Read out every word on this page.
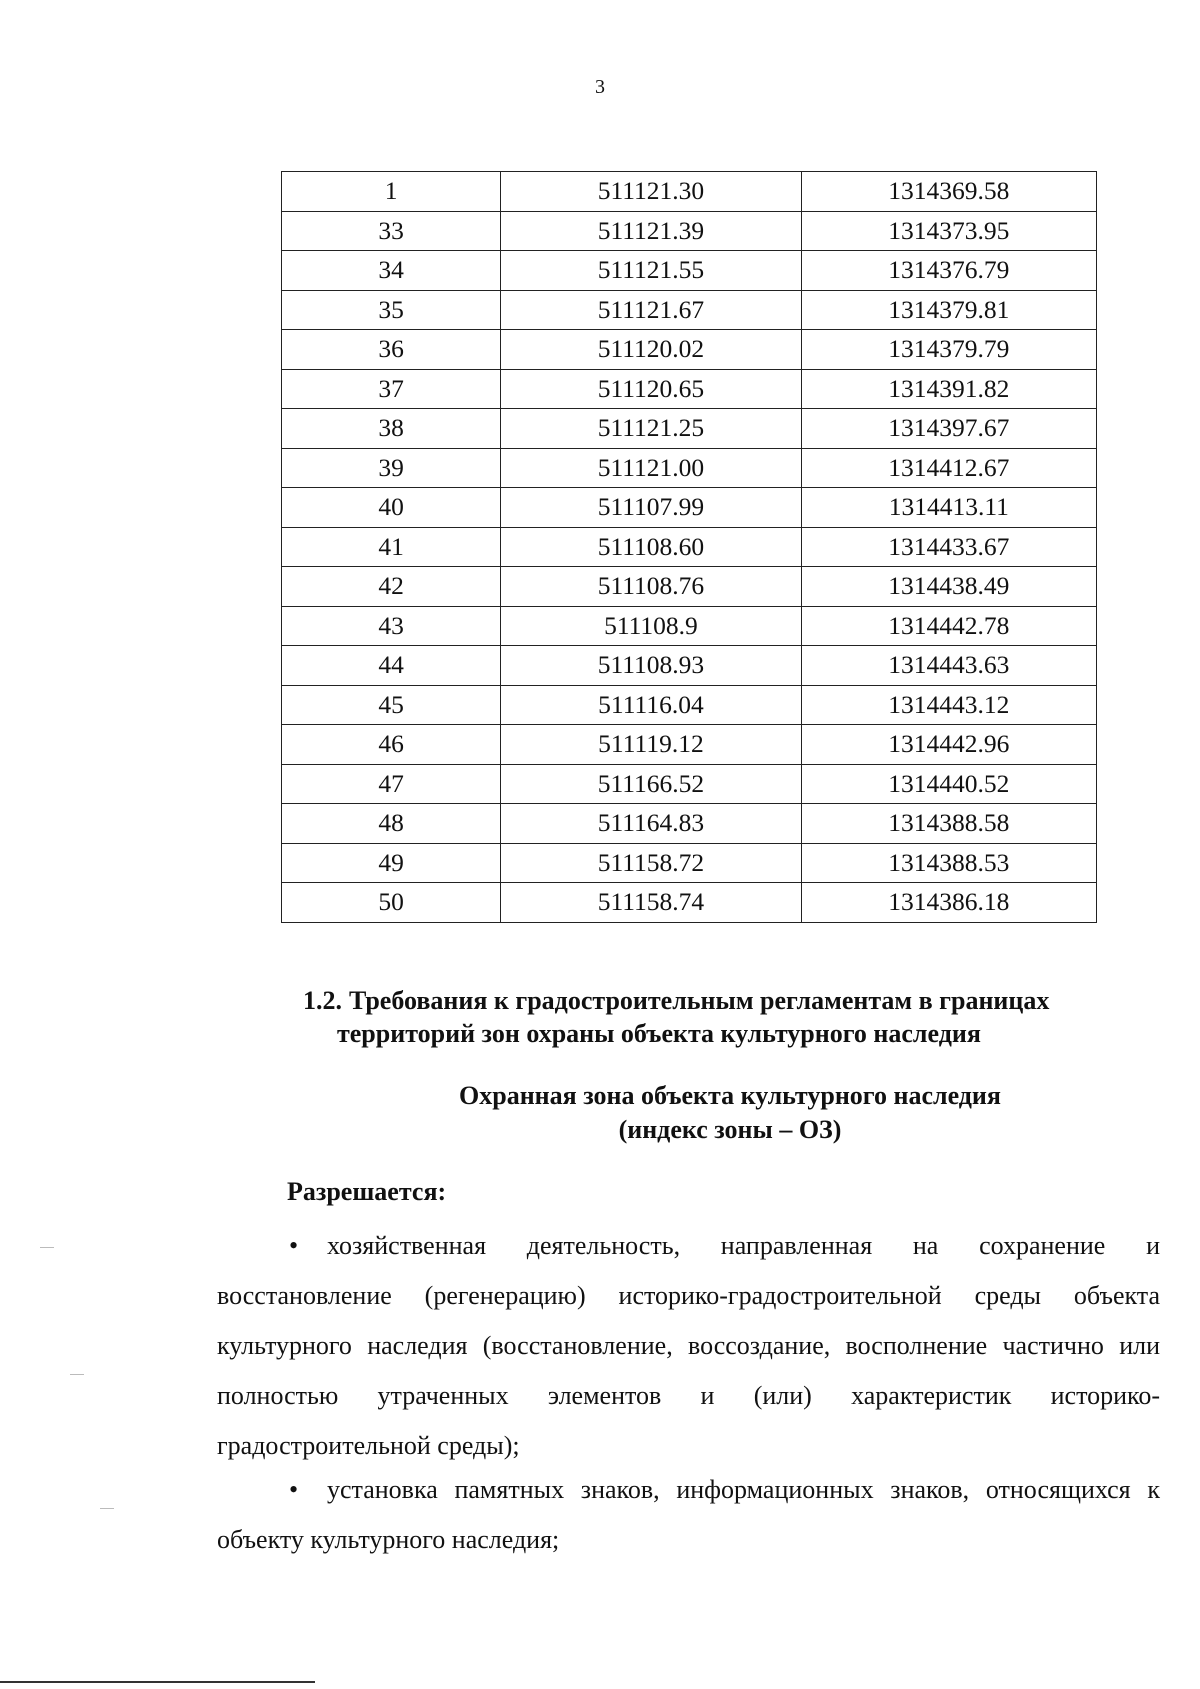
3
1	511121.30	1314369.58
33	511121.39	1314373.95
34	511121.55	1314376.79
35	511121.67	1314379.81
36	511120.02	1314379.79
37	511120.65	1314391.82
38	511121.25	1314397.67
39	511121.00	1314412.67
40	511107.99	1314413.11
41	511108.60	1314433.67
42	511108.76	1314438.49
43	511108.9	1314442.78
44	511108.93	1314443.63
45	511116.04	1314443.12
46	511119.12	1314442.96
47	511166.52	1314440.52
48	511164.83	1314388.58
49	511158.72	1314388.53
50	511158.74	1314386.18
1.2. Требования к градостроительным регламентам в границах
территорий зон охраны объекта культурного наследия
Охранная зона объекта культурного наследия
(индекс зоны – ОЗ)
Разрешается:
• хозяйственная деятельность, направленная на сохранение и восстановление (регенерацию) историко-градостроительной среды объекта культурного наследия (восстановление, воссоздание, восполнение частично или полностью утраченных элементов и (или) характеристик историко-градостроительной среды);
• установка памятных знаков, информационных знаков, относящихся к объекту культурного наследия;
